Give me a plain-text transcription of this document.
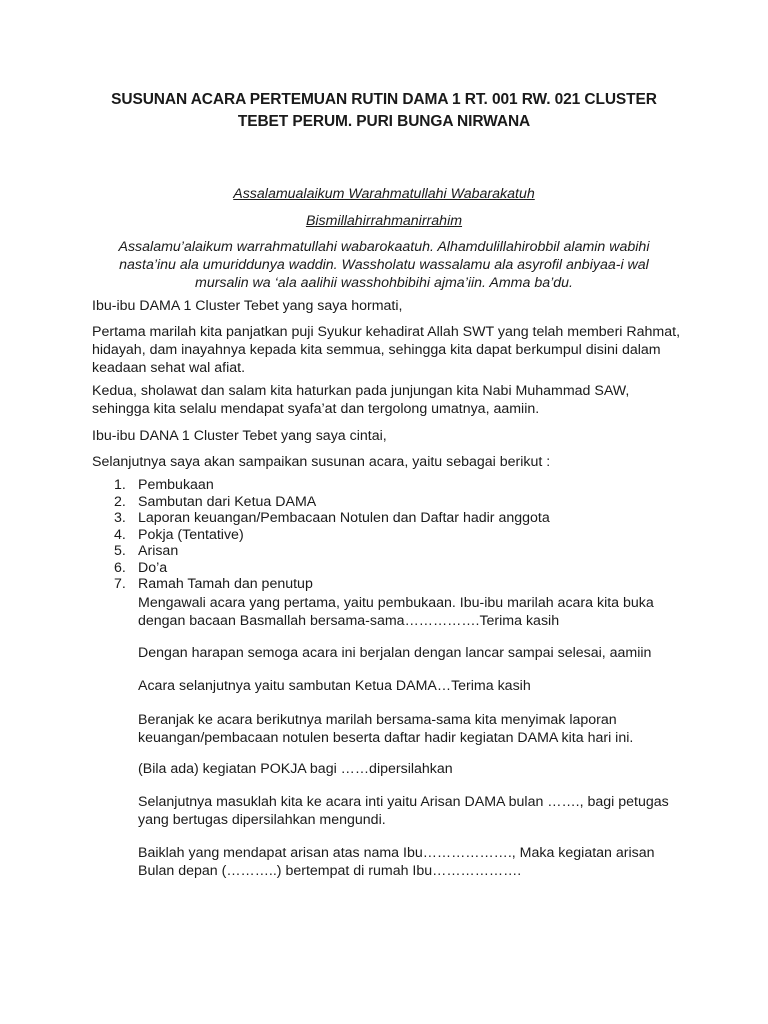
SUSUNAN ACARA PERTEMUAN RUTIN DAMA 1 RT. 001 RW. 021 CLUSTER TEBET PERUM. PURI BUNGA NIRWANA

Assalamualaikum Warahmatullahi Wabarakatuh

Bismillahirrahmanirrahim

Assalamu’alaikum warrahmatullahi wabarokaatuh. Alhamdulillahirobbil alamin wabihi nasta’inu ala umuriddunya waddin. Wassholatu wassalamu ala asyrofil anbiyaa-i wal mursalin wa ‘ala aalihii wasshohbibihi ajma’iin. Amma ba’du.

Ibu-ibu DAMA 1 Cluster Tebet yang saya hormati,

Pertama marilah kita panjatkan puji Syukur kehadirat Allah SWT yang telah memberi Rahmat, hidayah, dam inayahnya kepada kita semmua, sehingga kita dapat berkumpul disini dalam keadaan sehat wal afiat.

Kedua, sholawat dan salam kita haturkan pada junjungan kita Nabi Muhammad SAW, sehingga kita selalu mendapat syafa’at dan tergolong umatnya, aamiin.

Ibu-ibu DANA 1 Cluster Tebet yang saya cintai,

Selanjutnya saya akan sampaikan susunan acara, yaitu sebagai berikut :

1. Pembukaan
2. Sambutan dari Ketua DAMA
3. Laporan keuangan/Pembacaan Notulen dan Daftar hadir anggota
4. Pokja (Tentative)
5. Arisan
6. Do’a
7. Ramah Tamah dan penutup

Mengawali acara yang pertama, yaitu pembukaan. Ibu-ibu marilah acara kita buka dengan bacaan Basmallah bersama-sama…………….Terima kasih

Dengan harapan semoga acara ini berjalan dengan lancar sampai selesai, aamiin

Acara selanjutnya yaitu sambutan Ketua DAMA…Terima kasih

Beranjak ke acara berikutnya marilah bersama-sama kita menyimak laporan keuangan/pembacaan notulen beserta daftar hadir kegiatan DAMA kita hari ini.

(Bila ada) kegiatan POKJA bagi ……dipersilahkan

Selanjutnya masuklah kita ke acara inti yaitu Arisan DAMA bulan ……., bagi petugas yang bertugas dipersilahkan mengundi.

Baiklah yang mendapat arisan atas nama Ibu………………., Maka kegiatan arisan Bulan depan (………..) bertempat di rumah Ibu……………….
